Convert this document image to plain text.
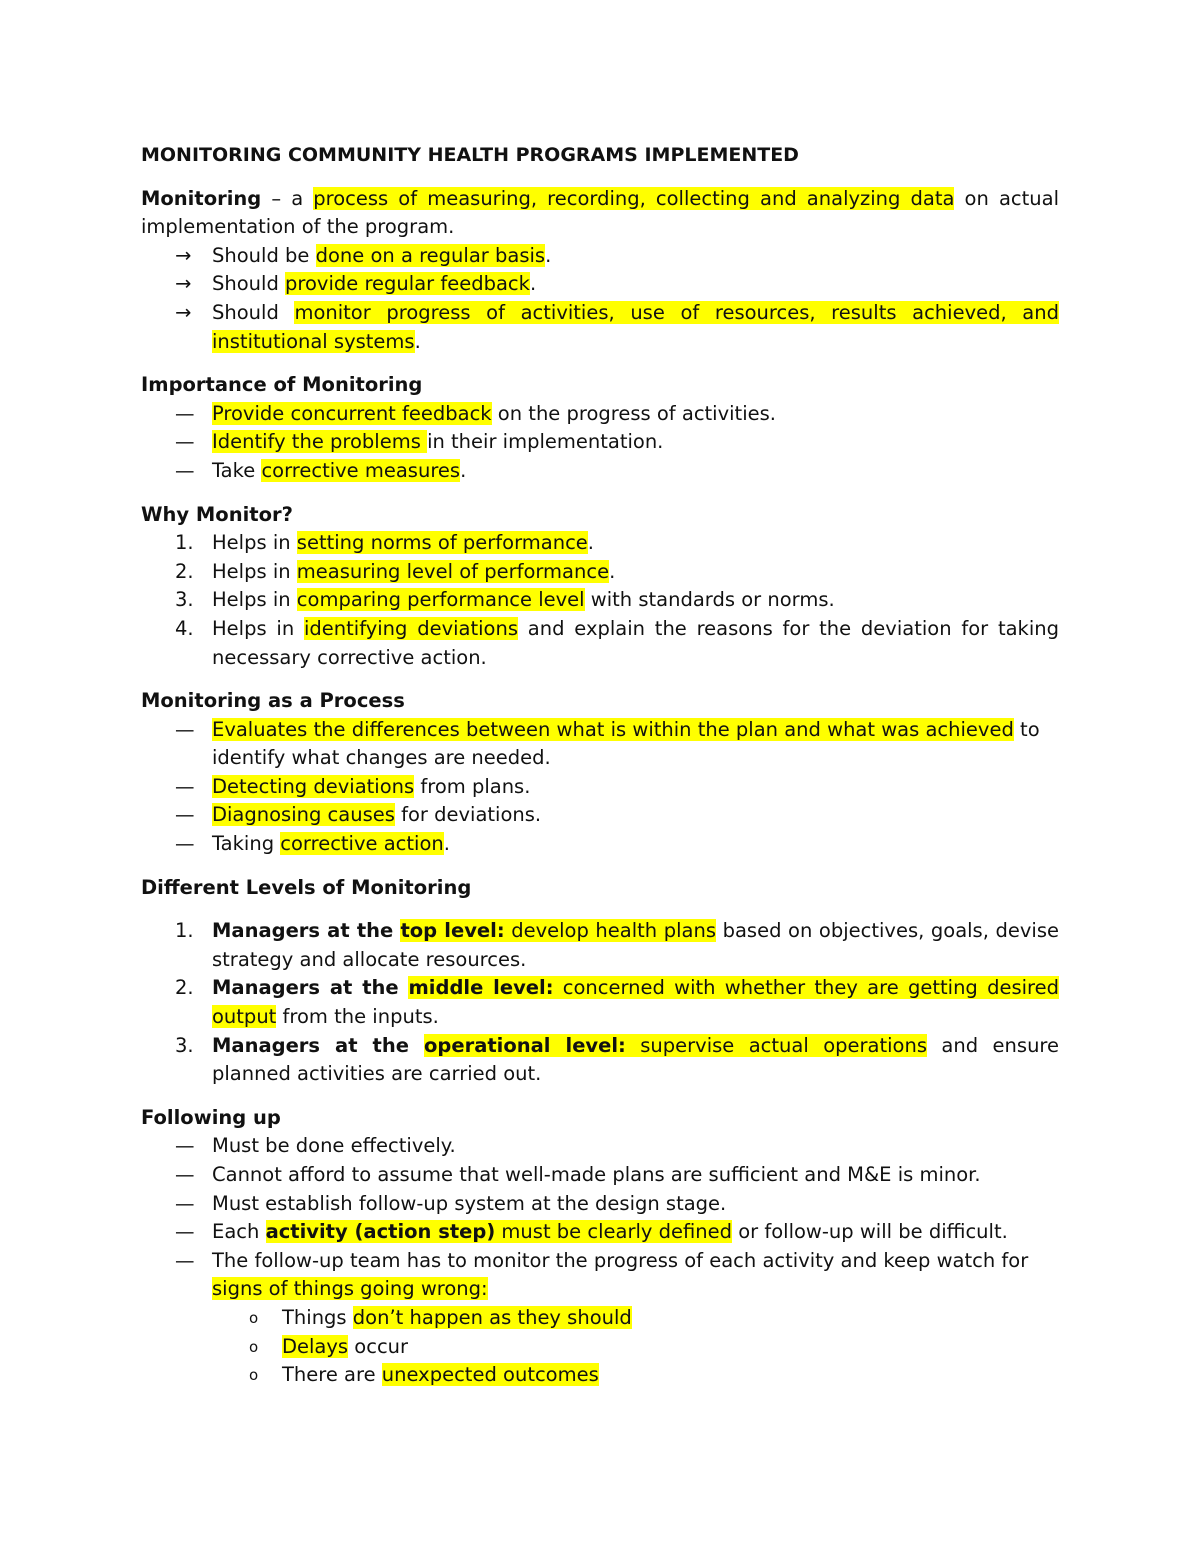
MONITORING COMMUNITY HEALTH PROGRAMS IMPLEMENTED
Monitoring – a process of measuring, recording, collecting and analyzing data on actual implementation of the program.
→ Should be done on a regular basis.
→ Should provide regular feedback.
→ Should monitor progress of activities, use of resources, results achieved, and institutional systems.
Importance of Monitoring
— Provide concurrent feedback on the progress of activities.
— Identify the problems in their implementation.
— Take corrective measures.
Why Monitor?
1. Helps in setting norms of performance.
2. Helps in measuring level of performance.
3. Helps in comparing performance level with standards or norms.
4. Helps in identifying deviations and explain the reasons for the deviation for taking necessary corrective action.
Monitoring as a Process
— Evaluates the differences between what is within the plan and what was achieved to identify what changes are needed.
— Detecting deviations from plans.
— Diagnosing causes for deviations.
— Taking corrective action.
Different Levels of Monitoring
1. Managers at the top level: develop health plans based on objectives, goals, devise strategy and allocate resources.
2. Managers at the middle level: concerned with whether they are getting desired output from the inputs.
3. Managers at the operational level: supervise actual operations and ensure planned activities are carried out.
Following up
— Must be done effectively.
— Cannot afford to assume that well-made plans are sufficient and M&E is minor.
— Must establish follow-up system at the design stage.
— Each activity (action step) must be clearly defined or follow-up will be difficult.
— The follow-up team has to monitor the progress of each activity and keep watch for signs of things going wrong:
o Things don’t happen as they should
o Delays occur
o There are unexpected outcomes
